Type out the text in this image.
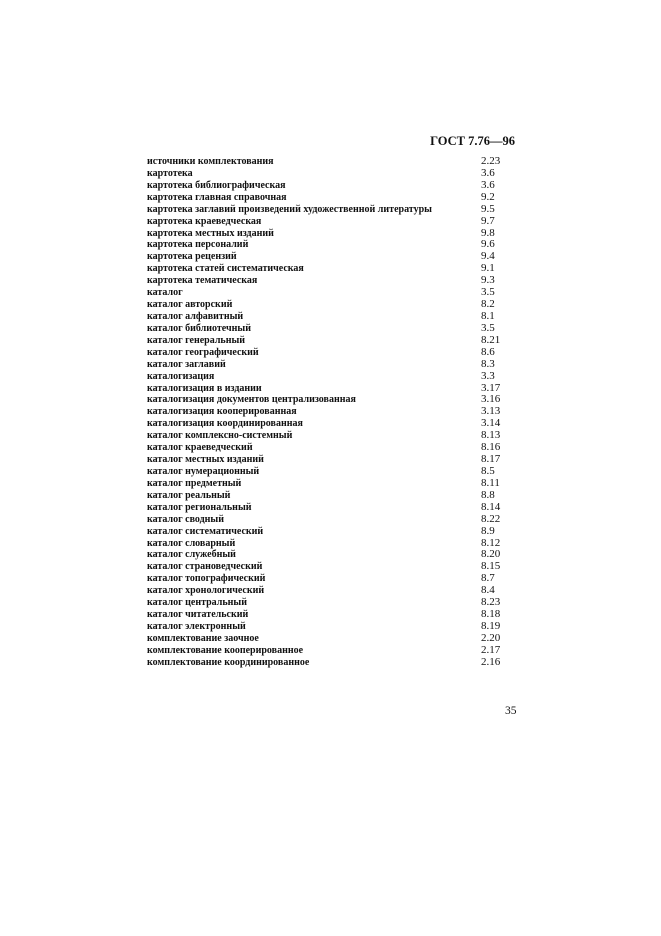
ГОСТ 7.76—96
источники комплектования	2.23
картотека	3.6
картотека библиографическая	3.6
картотека главная справочная	9.2
картотека заглавий произведений художественной литературы	9.5
картотека краеведческая	9.7
картотека местных изданий	9.8
картотека персоналий	9.6
картотека рецензий	9.4
картотека статей систематическая	9.1
картотека тематическая	9.3
каталог	3.5
каталог авторский	8.2
каталог алфавитный	8.1
каталог библиотечный	3.5
каталог генеральный	8.21
каталог географический	8.6
каталог заглавий	8.3
каталогизация	3.3
каталогизация в издании	3.17
каталогизация документов централизованная	3.16
каталогизация кооперированная	3.13
каталогизация координированная	3.14
каталог комплексно-системный	8.13
каталог краеведческий	8.16
каталог местных изданий	8.17
каталог нумерационный	8.5
каталог предметный	8.11
каталог реальный	8.8
каталог региональный	8.14
каталог сводный	8.22
каталог систематический	8.9
каталог словарный	8.12
каталог служебный	8.20
каталог страноведческий	8.15
каталог топографический	8.7
каталог хронологический	8.4
каталог центральный	8.23
каталог читательский	8.18
каталог электронный	8.19
комплектование заочное	2.20
комплектование кооперированное	2.17
комплектование координированное	2.16
35
